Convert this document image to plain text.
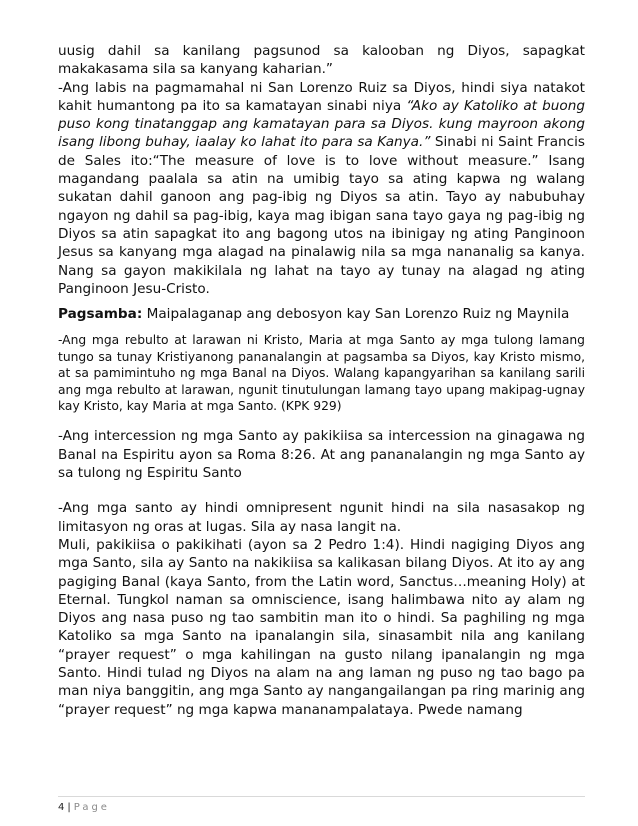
uusig dahil sa kanilang pagsunod sa kalooban ng Diyos, sapagkat makakasama sila sa kanyang kaharian.”

-Ang labis na pagmamahal ni San Lorenzo Ruiz sa Diyos, hindi siya natakot kahit humantong pa ito sa kamatayan sinabi niya “Ako ay Katoliko at buong puso kong tinatanggap ang kamatayan para sa Diyos. kung mayroon akong isang libong buhay, iaalay ko lahat ito para sa Kanya.” Sinabi ni Saint Francis de Sales ito:“The measure of love is to love without measure.” Isang magandang paalala sa atin na umibig tayo sa ating kapwa ng walang sukatan dahil ganoon ang pag-ibig ng Diyos sa atin. Tayo ay nabubuhay ngayon ng dahil sa pag-ibig, kaya mag ibigan sana tayo gaya ng pag-ibig ng Diyos sa atin sapagkat ito ang bagong utos na ibinigay ng ating Panginoon Jesus sa kanyang mga alagad na pinalawig nila sa mga nananalig sa kanya. Nang sa gayon makikilala ng lahat na tayo ay tunay na alagad ng ating Panginoon Jesu-Cristo.

Pagsamba: Maipalaganap ang debosyon kay San Lorenzo Ruiz ng Maynila

-Ang mga rebulto at larawan ni Kristo, Maria at mga Santo ay mga tulong lamang tungo sa tunay Kristiyanong pananalangin at pagsamba sa Diyos, kay Kristo mismo, at sa pamimintuho ng mga Banal na Diyos. Walang kapangyarihan sa kanilang sarili ang mga rebulto at larawan, ngunit tinutulungan lamang tayo upang makipag-ugnay kay Kristo, kay Maria at mga Santo. (KPK 929)

-Ang intercession ng mga Santo ay pakikiisa sa intercession na ginagawa ng Banal na Espiritu ayon sa Roma 8:26. At ang pananalangin ng mga Santo ay sa tulong ng Espiritu Santo

-Ang mga santo ay hindi omnipresent ngunit hindi na sila nasasakop ng limitasyon ng oras at lugas. Sila ay nasa langit na.

Muli, pakikiisa o pakikihati (ayon sa 2 Pedro 1:4). Hindi nagiging Diyos ang mga Santo, sila ay Santo na nakikiisa sa kalikasan bilang Diyos. At ito ay ang pagiging Banal (kaya Santo, from the Latin word, Sanctus…meaning Holy) at Eternal. Tungkol naman sa omniscience, isang halimbawa nito ay alam ng Diyos ang nasa puso ng tao sambitin man ito o hindi. Sa paghiling ng mga Katoliko sa mga Santo na ipanalangin sila, sinasambit nila ang kanilang “prayer request” o mga kahilingan na gusto nilang ipanalangin ng mga Santo. Hindi tulad ng Diyos na alam na ang laman ng puso ng tao bago pa man niya banggitin, ang mga Santo ay nangangailangan pa ring marinig ang “prayer request” ng mga kapwa mananampalataya. Pwede namang

4 | Page
